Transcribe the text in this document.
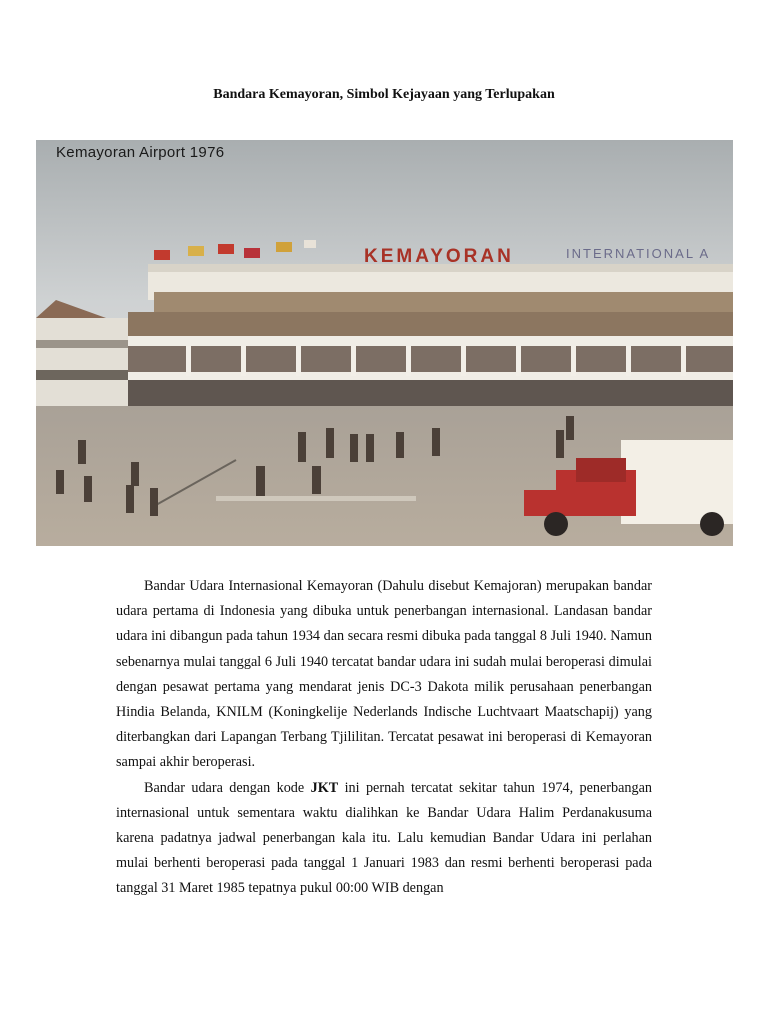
Bandara Kemayoran, Simbol Kejayaan yang Terlupakan
Kemayoran Airport 1976
KEMAYORAN	INTERNATIONAL A

Bandar Udara Internasional Kemayoran (Dahulu disebut Kemajoran) merupakan bandar udara pertama di Indonesia yang dibuka untuk penerbangan internasional. Landasan bandar udara ini dibangun pada tahun 1934 dan secara resmi dibuka pada tanggal 8 Juli 1940. Namun sebenarnya mulai tanggal 6 Juli 1940 tercatat bandar udara ini sudah mulai beroperasi dimulai dengan pesawat pertama yang mendarat jenis DC-3 Dakota milik perusahaan penerbangan Hindia Belanda, KNILM (Koningkelije Nederlands Indische Luchtvaart Maatschapij) yang diterbangkan dari Lapangan Terbang Tjililitan. Tercatat pesawat ini beroperasi di Kemayoran sampai akhir beroperasi.

Bandar udara dengan kode JKT ini pernah tercatat sekitar tahun 1974, penerbangan internasional untuk sementara waktu dialihkan ke Bandar Udara Halim Perdanakusuma karena padatnya jadwal penerbangan kala itu. Lalu kemudian Bandar Udara ini perlahan mulai berhenti beroperasi pada tanggal 1 Januari 1983 dan resmi berhenti beroperasi pada tanggal 31 Maret 1985 tepatnya pukul 00:00 WIB dengan
